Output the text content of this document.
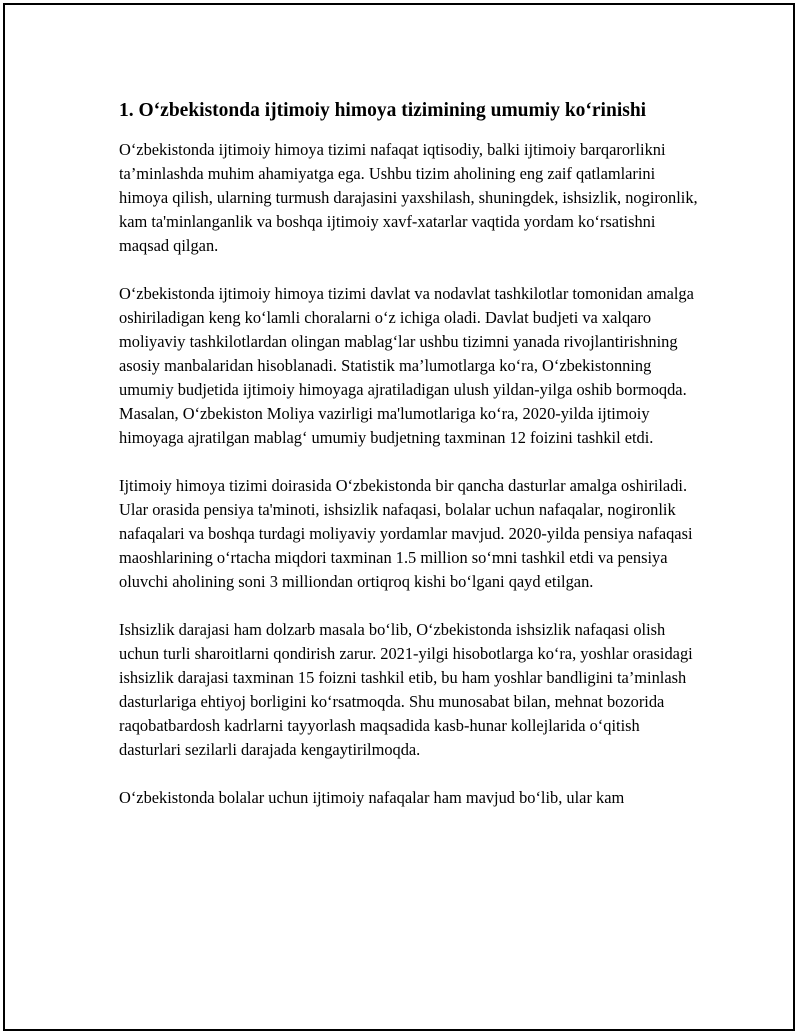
1. O‘zbekistonda ijtimoiy himoya tizimining umumiy ko‘rinishi

O‘zbekistonda ijtimoiy himoya tizimi nafaqat iqtisodiy, balki ijtimoiy barqarorlikni ta’minlashda muhim ahamiyatga ega. Ushbu tizim aholining eng zaif qatlamlarini himoya qilish, ularning turmush darajasini yaxshilash, shuningdek, ishsizlik, nogironlik, kam ta'minlanganlik va boshqa ijtimoiy xavf-xatarlar vaqtida yordam ko‘rsatishni maqsad qilgan.

O‘zbekistonda ijtimoiy himoya tizimi davlat va nodavlat tashkilotlar tomonidan amalga oshiriladigan keng ko‘lamli choralarni o‘z ichiga oladi. Davlat budjeti va xalqaro moliyaviy tashkilotlardan olingan mablag‘lar ushbu tizimni yanada rivojlantirishning asosiy manbalaridan hisoblanadi. Statistik ma’lumotlarga ko‘ra, O‘zbekistonning umumiy budjetida ijtimoiy himoyaga ajratiladigan ulush yildan-yilga oshib bormoqda. Masalan, O‘zbekiston Moliya vazirligi ma'lumotlariga ko‘ra, 2020-yilda ijtimoiy himoyaga ajratilgan mablag‘ umumiy budjetning taxminan 12 foizini tashkil etdi.

Ijtimoiy himoya tizimi doirasida O‘zbekistonda bir qancha dasturlar amalga oshiriladi. Ular orasida pensiya ta'minoti, ishsizlik nafaqasi, bolalar uchun nafaqalar, nogironlik nafaqalari va boshqa turdagi moliyaviy yordamlar mavjud. 2020-yilda pensiya nafaqasi maoshlarining o‘rtacha miqdori taxminan 1.5 million so‘mni tashkil etdi va pensiya oluvchi aholining soni 3 milliondan ortiqroq kishi bo‘lgani qayd etilgan.

Ishsizlik darajasi ham dolzarb masala bo‘lib, O‘zbekistonda ishsizlik nafaqasi olish uchun turli sharoitlarni qondirish zarur. 2021-yilgi hisobotlarga ko‘ra, yoshlar orasidagi ishsizlik darajasi taxminan 15 foizni tashkil etib, bu ham yoshlar bandligini ta’minlash dasturlariga ehtiyoj borligini ko‘rsatmoqda. Shu munosabat bilan, mehnat bozorida raqobatbardosh kadrlarni tayyorlash maqsadida kasb-hunar kollejlarida o‘qitish dasturlari sezilarli darajada kengaytirilmoqda.

O‘zbekistonda bolalar uchun ijtimoiy nafaqalar ham mavjud bo‘lib, ular kam
